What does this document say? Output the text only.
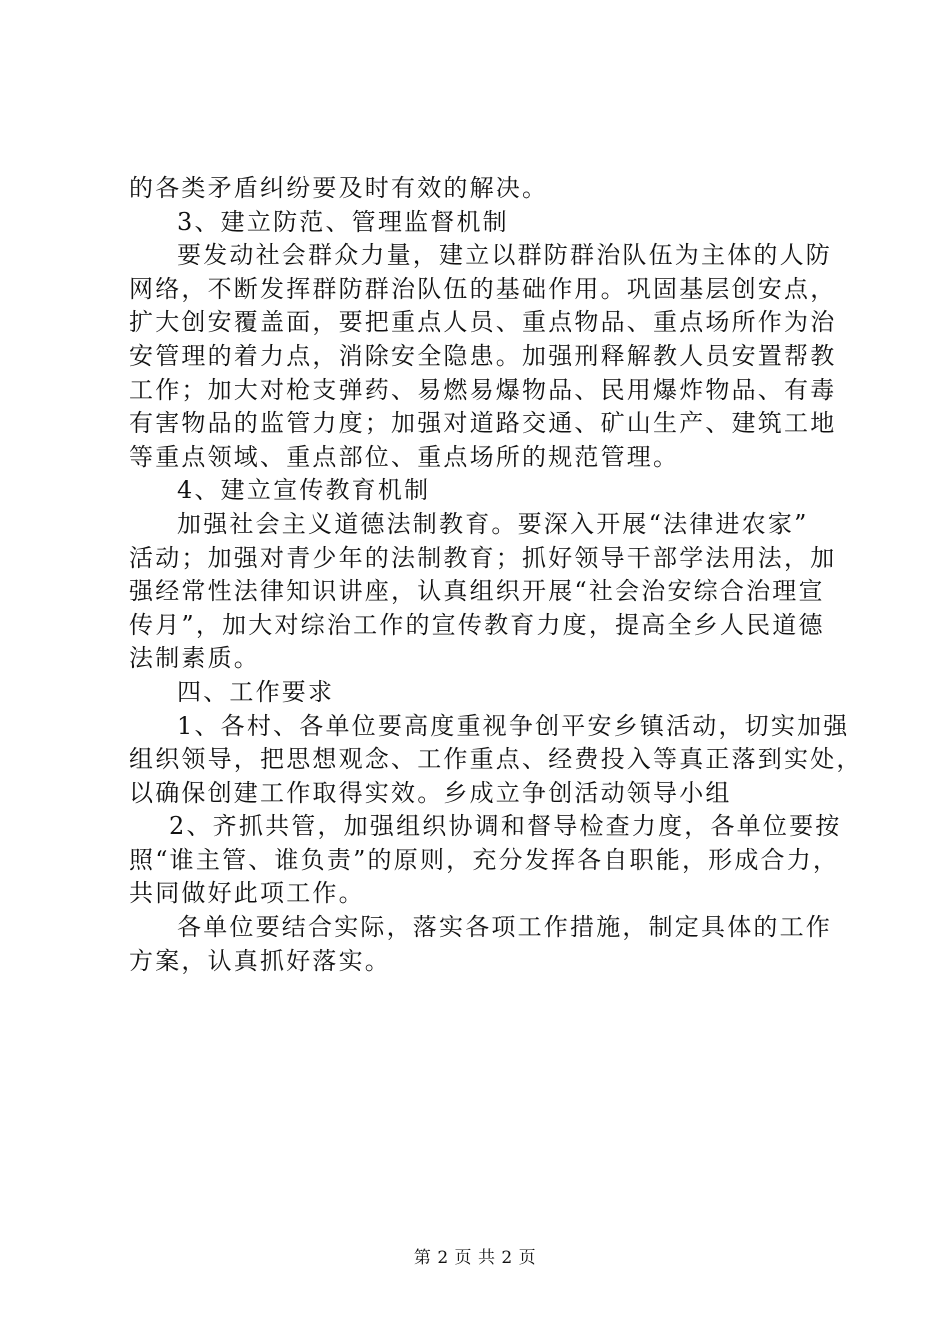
的各类矛盾纠纷要及时有效的解决。
3、建立防范、管理监督机制
要发动社会群众力量，建立以群防群治队伍为主体的人防
网络，不断发挥群防群治队伍的基础作用。巩固基层创安点，
扩大创安覆盖面，要把重点人员、重点物品、重点场所作为治
安管理的着力点，消除安全隐患。加强刑释解教人员安置帮教
工作；加大对枪支弹药、易燃易爆物品、民用爆炸物品、有毒
有害物品的监管力度；加强对道路交通、矿山生产、建筑工地
等重点领域、重点部位、重点场所的规范管理。
4、建立宣传教育机制
加强社会主义道德法制教育。要深入开展“法律进农家”
活动；加强对青少年的法制教育；抓好领导干部学法用法，加
强经常性法律知识讲座，认真组织开展“社会治安综合治理宣
传月”，加大对综治工作的宣传教育力度，提高全乡人民道德
法制素质。
四、工作要求
1、各村、各单位要高度重视争创平安乡镇活动，切实加强
组织领导，把思想观念、工作重点、经费投入等真正落到实处，
以确保创建工作取得实效。乡成立争创活动领导小组
2、齐抓共管，加强组织协调和督导检查力度，各单位要按
照“谁主管、谁负责”的原则，充分发挥各自职能，形成合力，
共同做好此项工作。
各单位要结合实际，落实各项工作措施，制定具体的工作
方案，认真抓好落实。
第 2 页 共 2 页
